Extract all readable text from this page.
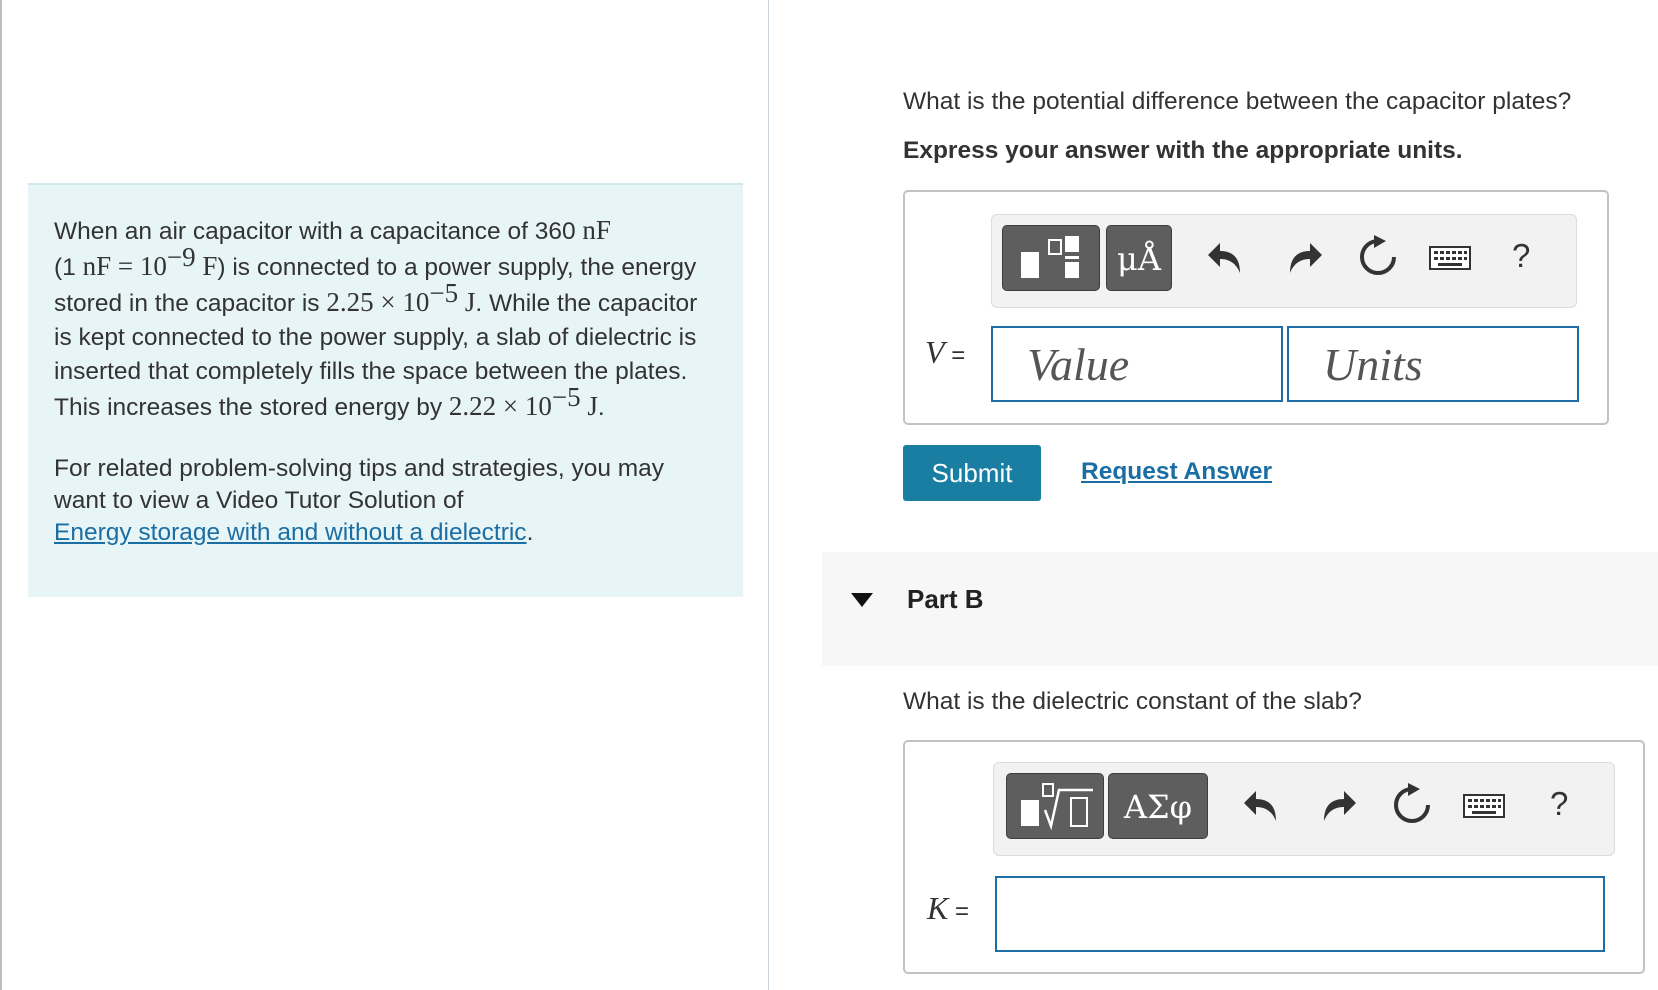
When an air capacitor with a capacitance of 360 nF
(1 nF = $10^{-9}$ F) is connected to a power supply, the energy stored in the capacitor is $2.25 \times 10^{-5}$ J. While the capacitor is kept connected to the power supply, a slab of dielectric is inserted that completely fills the space between the plates. This increases the stored energy by $2.22 \times 10^{-5}$ J.
For related problem-solving tips and strategies, you may want to view a Video Tutor Solution of
Energy storage with and without a dielectric.
What is the potential difference between the capacitor plates?
Express your answer with the appropriate units.
μÅ	?
V =
Value
Units
Submit	Request Answer
Part B
What is the dielectric constant of the slab?
ΑΣφ	?
K =
